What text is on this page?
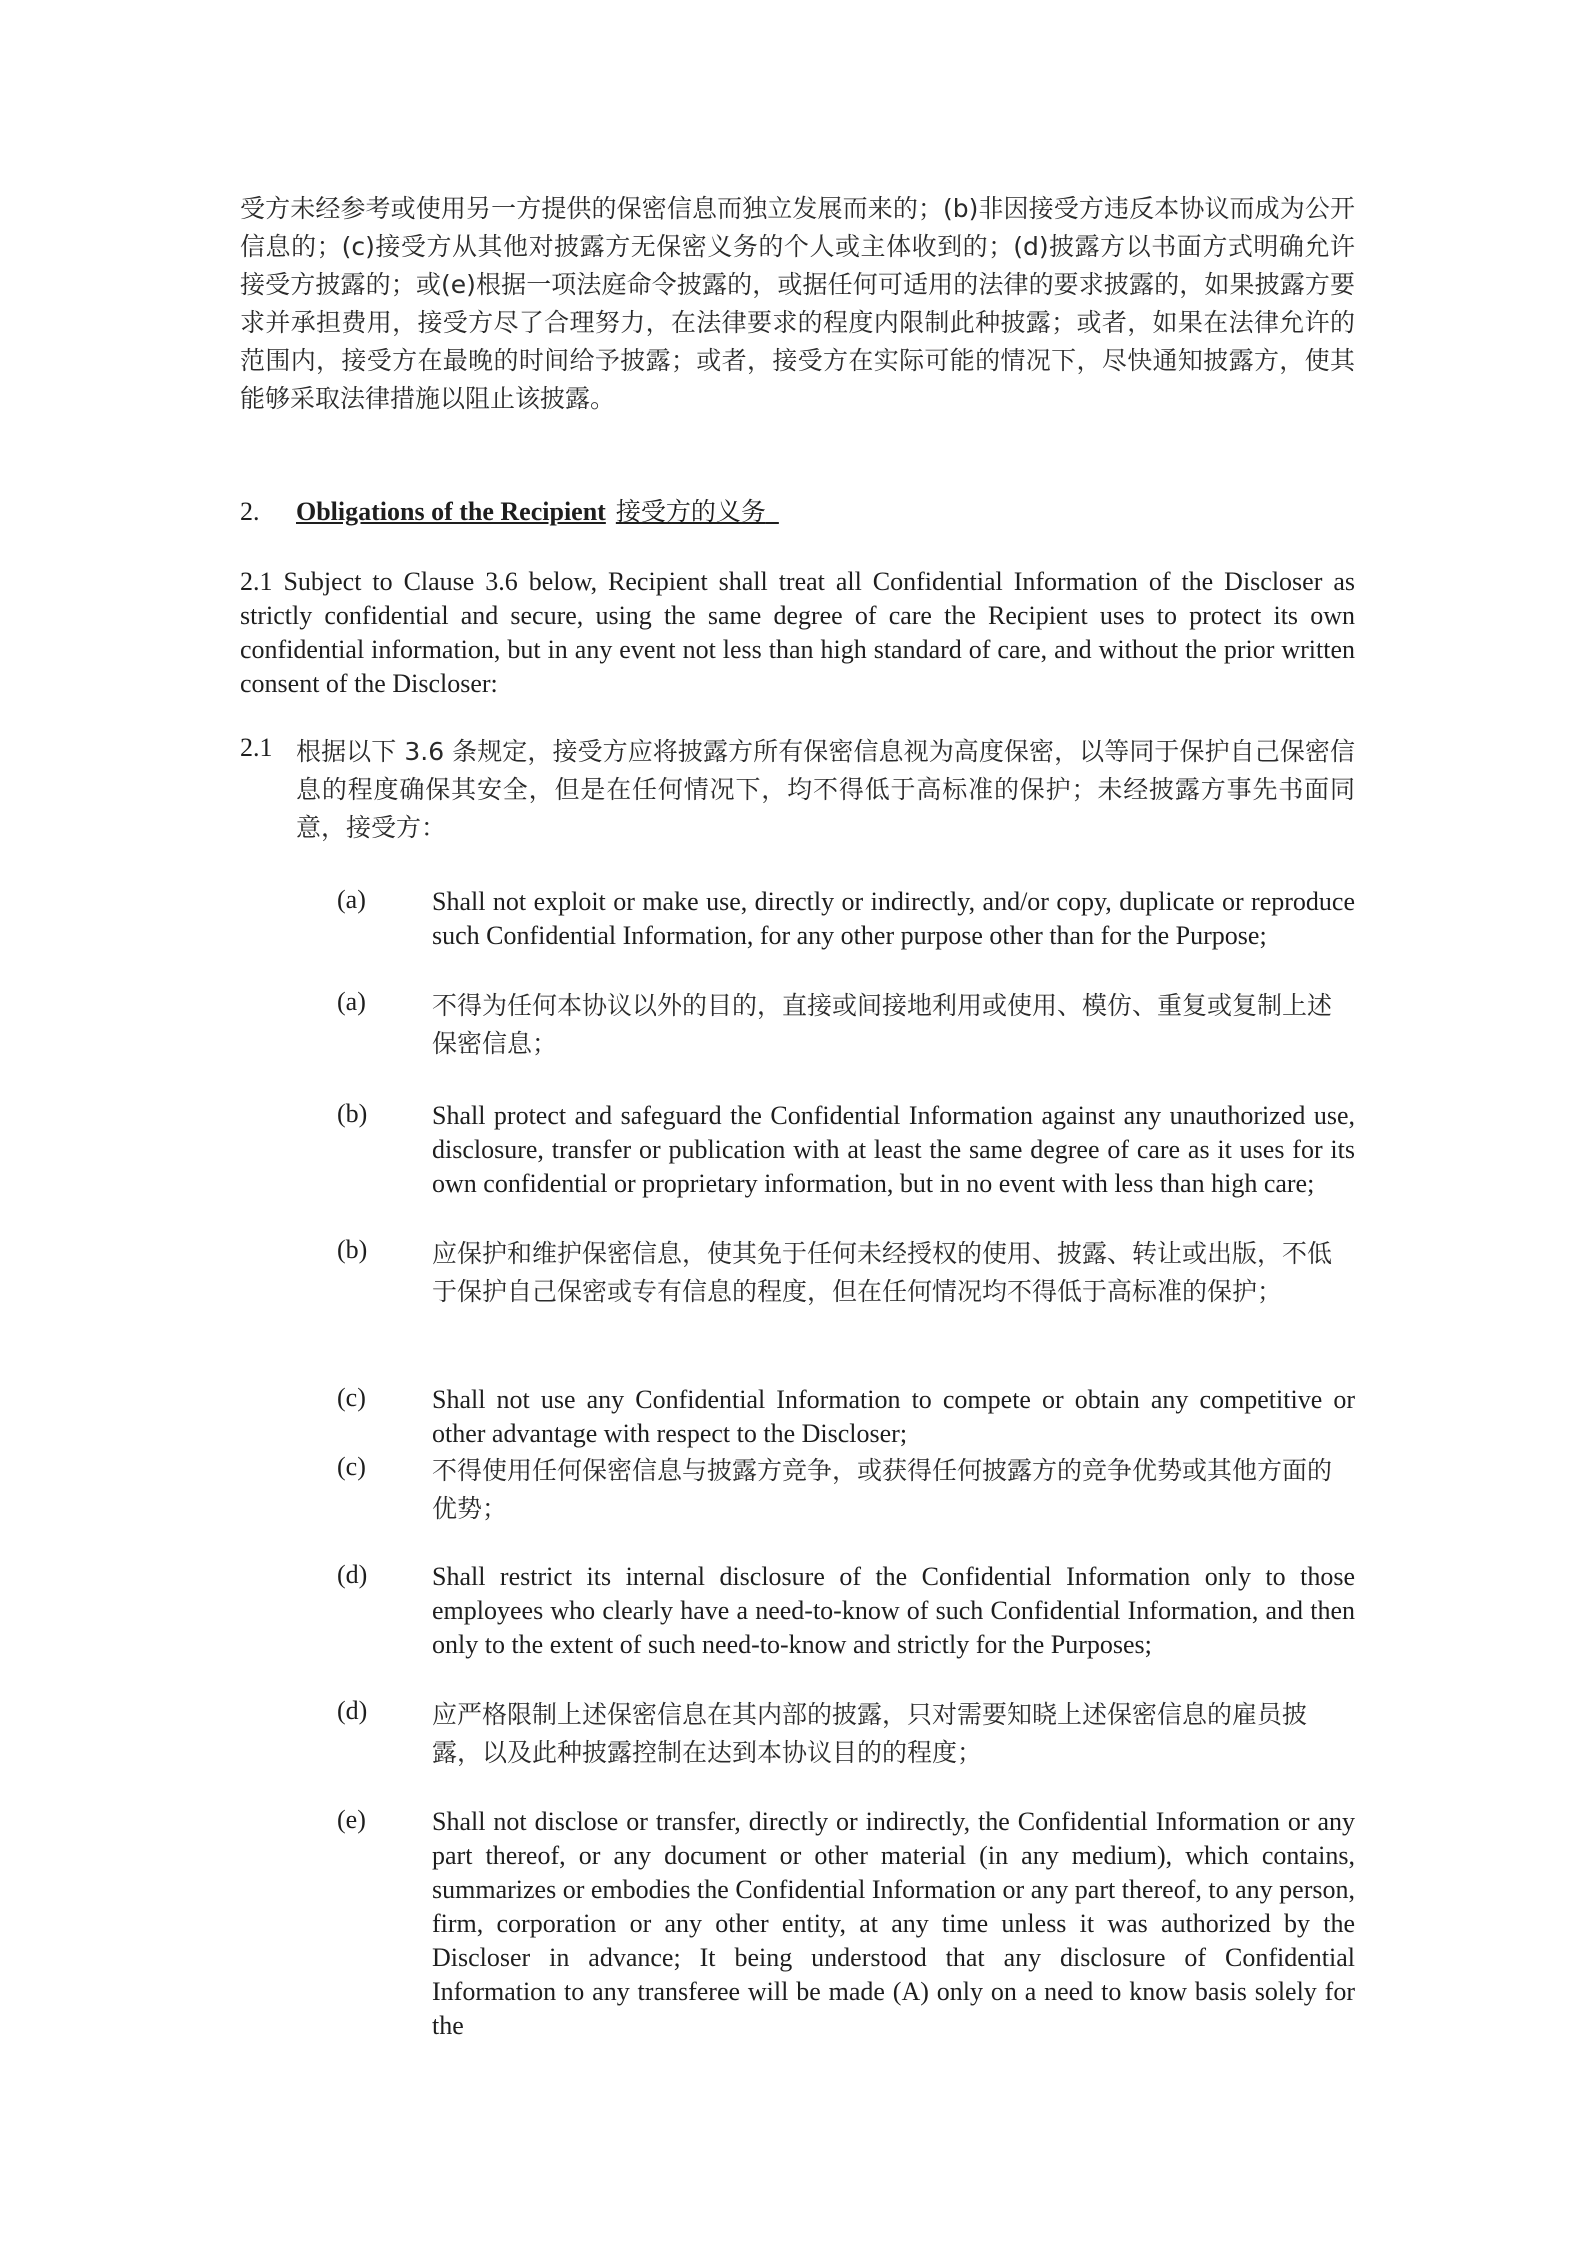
受方未经参考或使用另一方提供的保密信息而独立发展而来的；(b)非因接受方违反本协议而成为公开信息的；(c)接受方从其他对披露方无保密义务的个人或主体收到的；(d)披露方以书面方式明确允许接受方披露的；或(e)根据一项法庭命令披露的，或据任何可适用的法律的要求披露的，如果披露方要求并承担费用，接受方尽了合理努力，在法律要求的程度内限制此种披露；或者，如果在法律允许的范围内，接受方在最晚的时间给予披露；或者，接受方在实际可能的情况下，尽快通知披露方，使其能够采取法律措施以阻止该披露。
2. Obligations of the Recipient 接受方的义务
2.1 Subject to Clause 3.6 below, Recipient shall treat all Confidential Information of the Discloser as strictly confidential and secure, using the same degree of care the Recipient uses to protect its own confidential information, but in any event not less than high standard of care, and without the prior written consent of the Discloser:
2.1 根据以下 3.6 条规定，接受方应将披露方所有保密信息视为高度保密，以等同于保护自己保密信息的程度确保其安全，但是在任何情况下，均不得低于高标准的保护；未经披露方事先书面同意，接受方：
(a)	Shall not exploit or make use, directly or indirectly, and/or copy, duplicate or reproduce such Confidential Information, for any other purpose other than for the Purpose;
(a)	不得为任何本协议以外的目的，直接或间接地利用或使用、模仿、重复或复制上述保密信息；
(b)	Shall protect and safeguard the Confidential Information against any unauthorized use, disclosure, transfer or publication with at least the same degree of care as it uses for its own confidential or proprietary information, but in no event with less than high care;
(b)	应保护和维护保密信息，使其免于任何未经授权的使用、披露、转让或出版，不低于保护自己保密或专有信息的程度，但在任何情况均不得低于高标准的保护；
(c)	Shall not use any Confidential Information to compete or obtain any competitive or other advantage with respect to the Discloser;
(c)	不得使用任何保密信息与披露方竞争，或获得任何披露方的竞争优势或其他方面的优势；
(d)	Shall restrict its internal disclosure of the Confidential Information only to those employees who clearly have a need-to-know of such Confidential Information, and then only to the extent of such need-to-know and strictly for the Purposes;
(d)	应严格限制上述保密信息在其内部的披露，只对需要知晓上述保密信息的雇员披露，以及此种披露控制在达到本协议目的的程度；
(e)	Shall not disclose or transfer, directly or indirectly, the Confidential Information or any part thereof, or any document or other material (in any medium), which contains, summarizes or embodies the Confidential Information or any part thereof, to any person, firm, corporation or any other entity, at any time unless it was authorized by the Discloser in advance; It being understood that any disclosure of Confidential Information to any transferee will be made (A) only on a need to know basis solely for the
